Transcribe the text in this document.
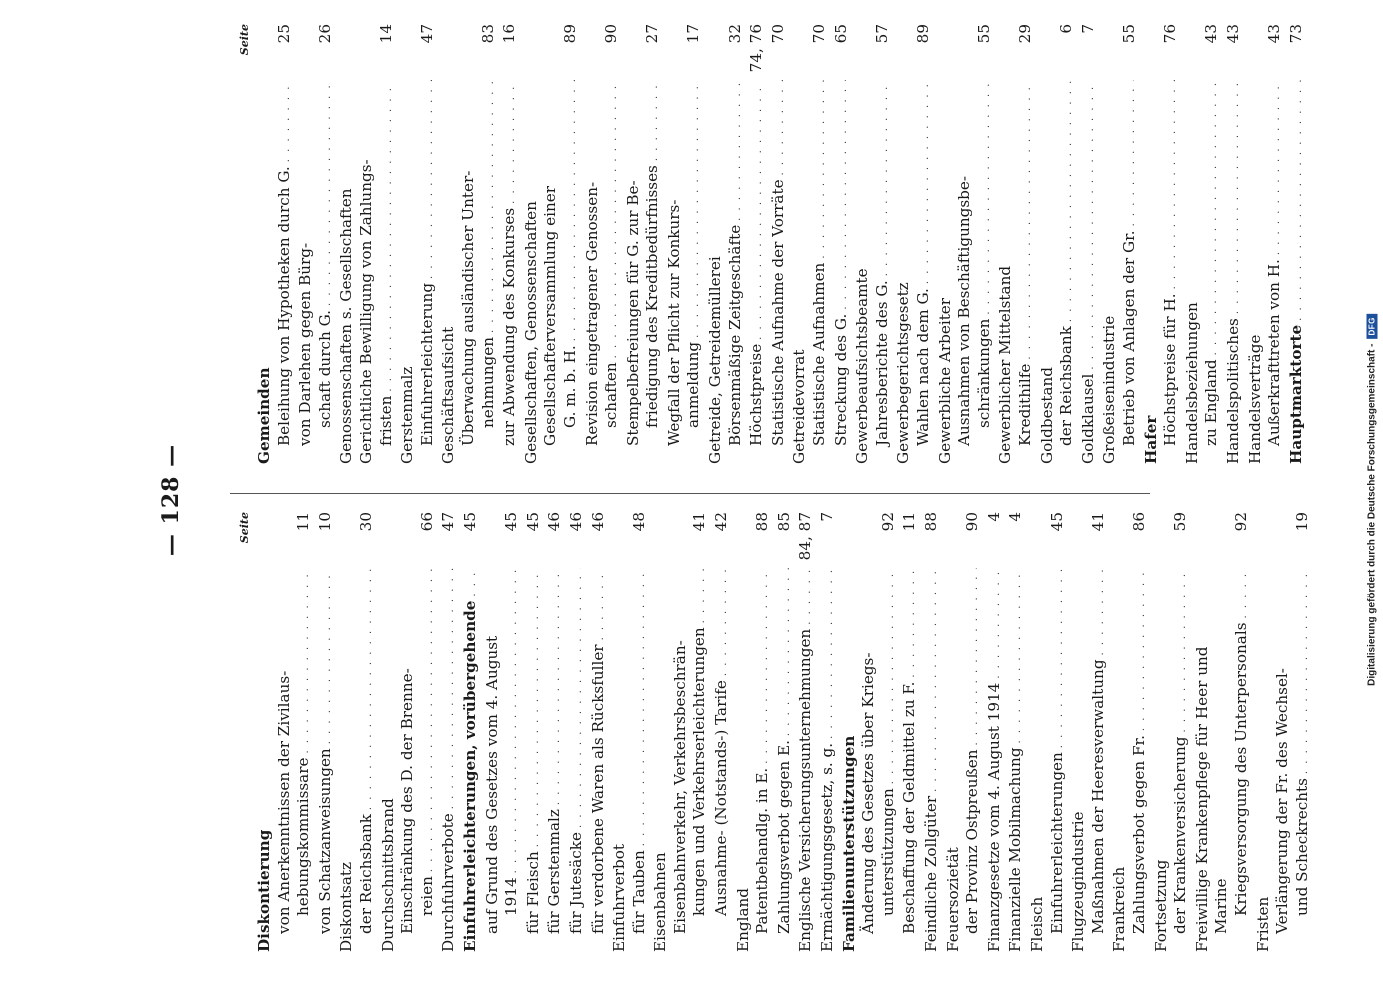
— 128 —	Seite
Diskontierung von Anerkenntnissen der Zivilaus- hebungskommissare
. . .
11
von Schatzanweisungen
. . .
10
Diskontsatz der Reichsbank
. . .
30
Durchschnittsbrand Einschränkung des D. der Brenne- reien
. . .
66
Durchfuhrverbote
. . .
47
Einfuhrerleichterungen, vorübergehende
. . .
45
auf Grund des Gesetzes vom 4. August 1914
. . .
45
für Fleisch
. . .
45
für Gerstenmalz
. . .
46
für Jutesäcke
. . .
46
für verdorbene Waren als Rücksfuller
. . .
46
Einfuhrverbot für Tauben
. . .
48
Eisenbahnen Eisenbahnverkehr, Verkehrsbeschrän- kungen und Verkehrserleichterungen
. . .
41
Ausnahme- (Notstands-) Tarife
. . .
42
England Patentbehandlg. in E.
. . .
88
Zahlungsverbot gegen E.
. . .
85
Englische Versicherungsunternehmungen
. . .
84, 87
Ermächtigungsgesetz, s. g.
. . .
7
Familienunterstützungen Änderung des Gesetzes über Kriegs- unterstützungen
. . .
92
Beschaffung der Geldmittel zu F.
. . .
11
Feindliche Zollgüter
. . .
88
Feuersozietät der Provinz Ostpreußen
. . .
90
Finanzgesetze vom 4. August 1914
. . .
4
Finanzielle Mobilmachung
. . .
4
Fleisch Einfuhrerleichterungen
. . .
45
Flugzeugindustrie Maßnahmen der Heeresverwaltung
. . .
41
Frankreich Zahlungsverbot gegen Fr.
. . .
86
Fortsetzung der Krankenversicherung
. . .
59
Freiwillige Krankenpflege für Heer und Marine Kriegsversorgung des Unterpersonals
. . .
92
Fristen Verlängerung der Fr. des Wechsel- und Scheckrechts
. . .
19
Seite
Gemeinden Beleihung von Hypotheken durch G.
. . .
25
von Darlehen gegen Bürg- schaft durch G.
. . .
26
Genossenschaften s. Gesellschaften Gerichtliche Bewilligung von Zahlungs- fristen
. . .
14
Gerstenmalz Einfuhrerleichterung
. . .
47
Geschäftsaufsicht Überwachung ausländischer Unter- nehmungen
. . .
83
zur Abwendung des Konkurses
. . .
16
Gesellschaften, Genossenschaften Gesellschafterversammlung einer G. m. b. H.
. . .
89
Revision eingetragener Genossen- schaften
. . .
90
Stempelbefreiungen für G. zur Be- friedigung des Kreditbedürfnisses
. . .
27
Wegfall der Pflicht zur Konkurs- anmeldung
. . .
17
Getreide, Getreidemüllerei Börsenmäßige Zeitgeschäfte
. . .
32
Höchstpreise
. . .
74, 76
Statistische Aufnahme der Vorräte
. . .
70
Getreidevorrat Statistische Aufnahmen
. . .
70
Streckung des G.
. . .
65
Gewerbeaufsichtsbeamte Jahresberichte des G.
. . .
57
Gewerbegerichtsgesetz Wahlen nach dem G.
. . .
89
Gewerbliche Arbeiter Ausnahmen von Beschäftigungsbe- schränkungen
. . .
55
Gewerblicher Mittelstand Kredithilfe
. . .
29
Goldbestand der Reichsbank
. . .
6
Goldklausel
. . .
7
Großeisenindustrie Betrieb von Anlagen der Gr.
. . .
55
Hafer Höchstpreise für H.
. . .
76
Handelsbeziehungen zu England
. . .
43
Handelspolitisches
. . .
43
Handelsverträge Außerkrafttreten von H.
. . .
43
Hauptmarktorte
. . .
73
Digitalisierung gefördert durch die Deutsche Forschungsgemeinschaft -
DFG
